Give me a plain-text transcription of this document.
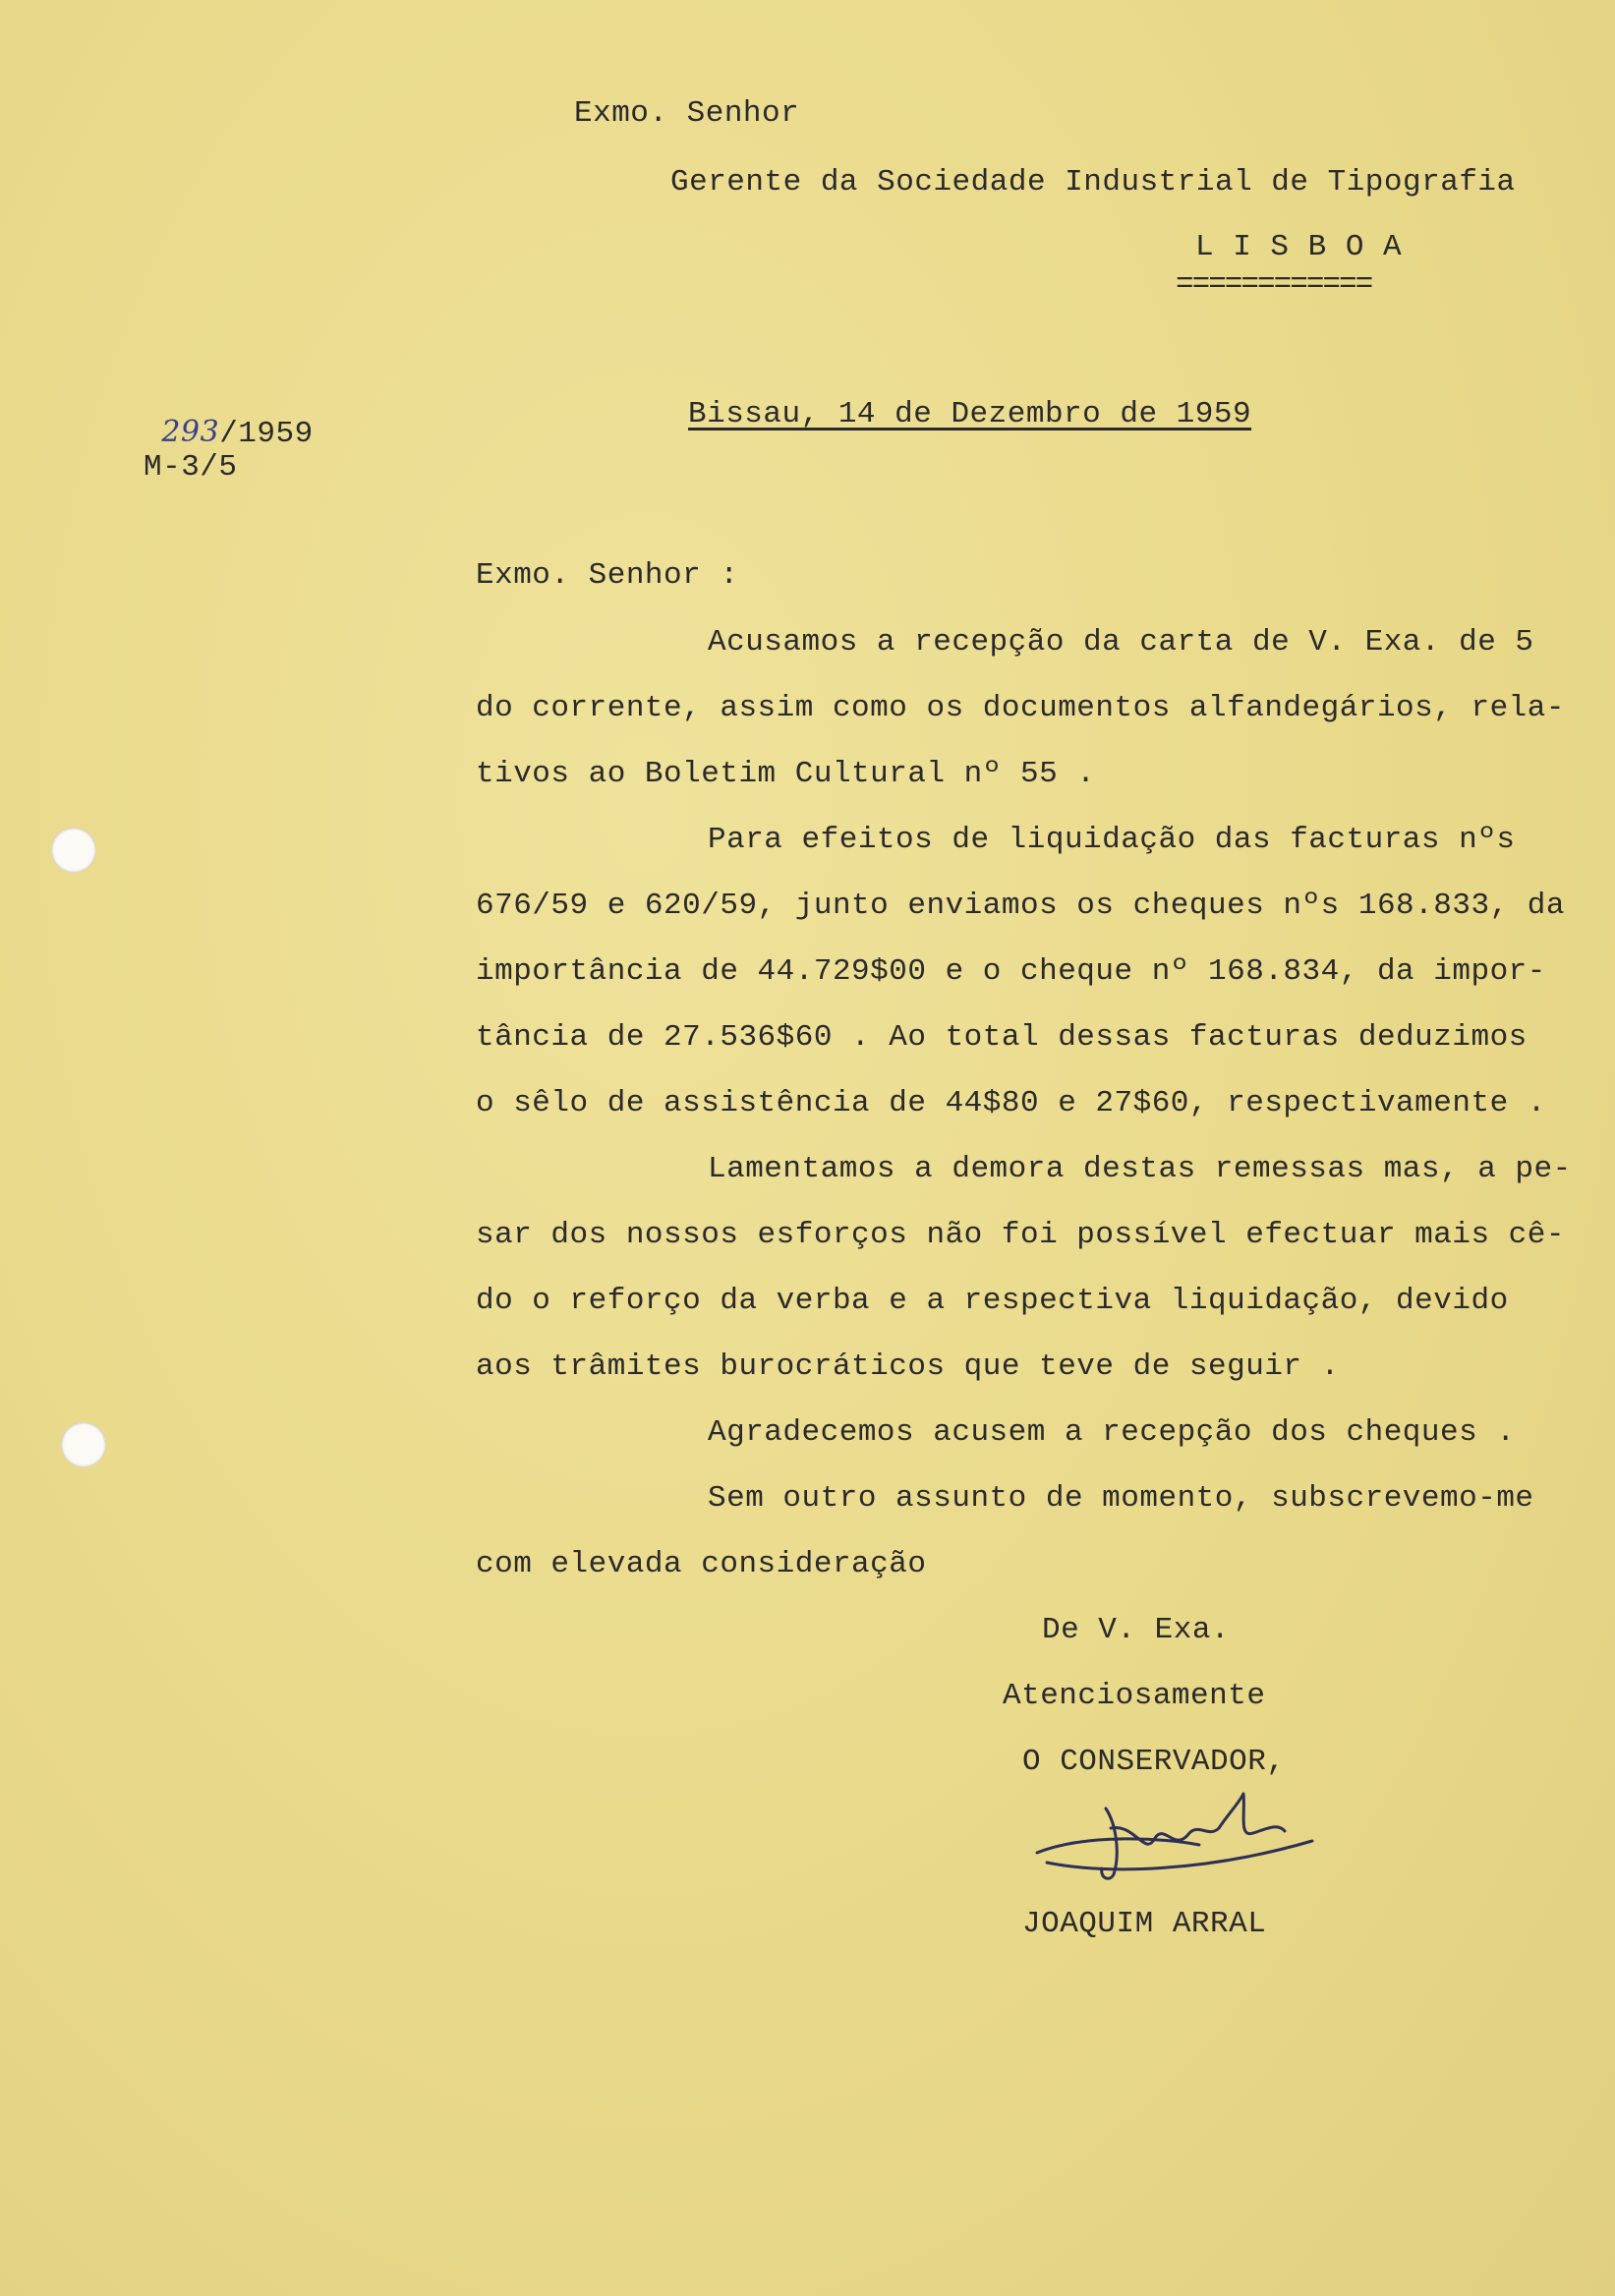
Exmo. Senhor
Gerente da Sociedade Industrial de Tipografia
L I S B O A
============

293/1959

M-3/5
Bissau, 14 de Dezembro de 1959
Exmo. Senhor :
Acusamos a recepção da carta de V. Exa. de 5
do corrente, assim como os documentos alfandegários, rela-
tivos ao Boletim Cultural nº 55 .
Para efeitos de liquidação das facturas nºs
676/59 e 620/59, junto enviamos os cheques nºs 168.833, da
importância de 44.729$00 e o cheque nº 168.834, da impor-
tância de 27.536$60 . Ao total dessas facturas deduzimos
o sêlo de assistência de 44$80 e 27$60, respectivamente .
Lamentamos a demora destas remessas mas, a pe-
sar dos nossos esforços não foi possível efectuar mais cê-
do o reforço da verba e a respectiva liquidação, devido
aos trâmites burocráticos que teve de seguir .
Agradecemos acusem a recepção dos cheques .
Sem outro assunto de momento, subscrevemo-me
com elevada consideração
De V. Exa.
Atenciosamente
O CONSERVADOR,
JOAQUIM ARRAL
